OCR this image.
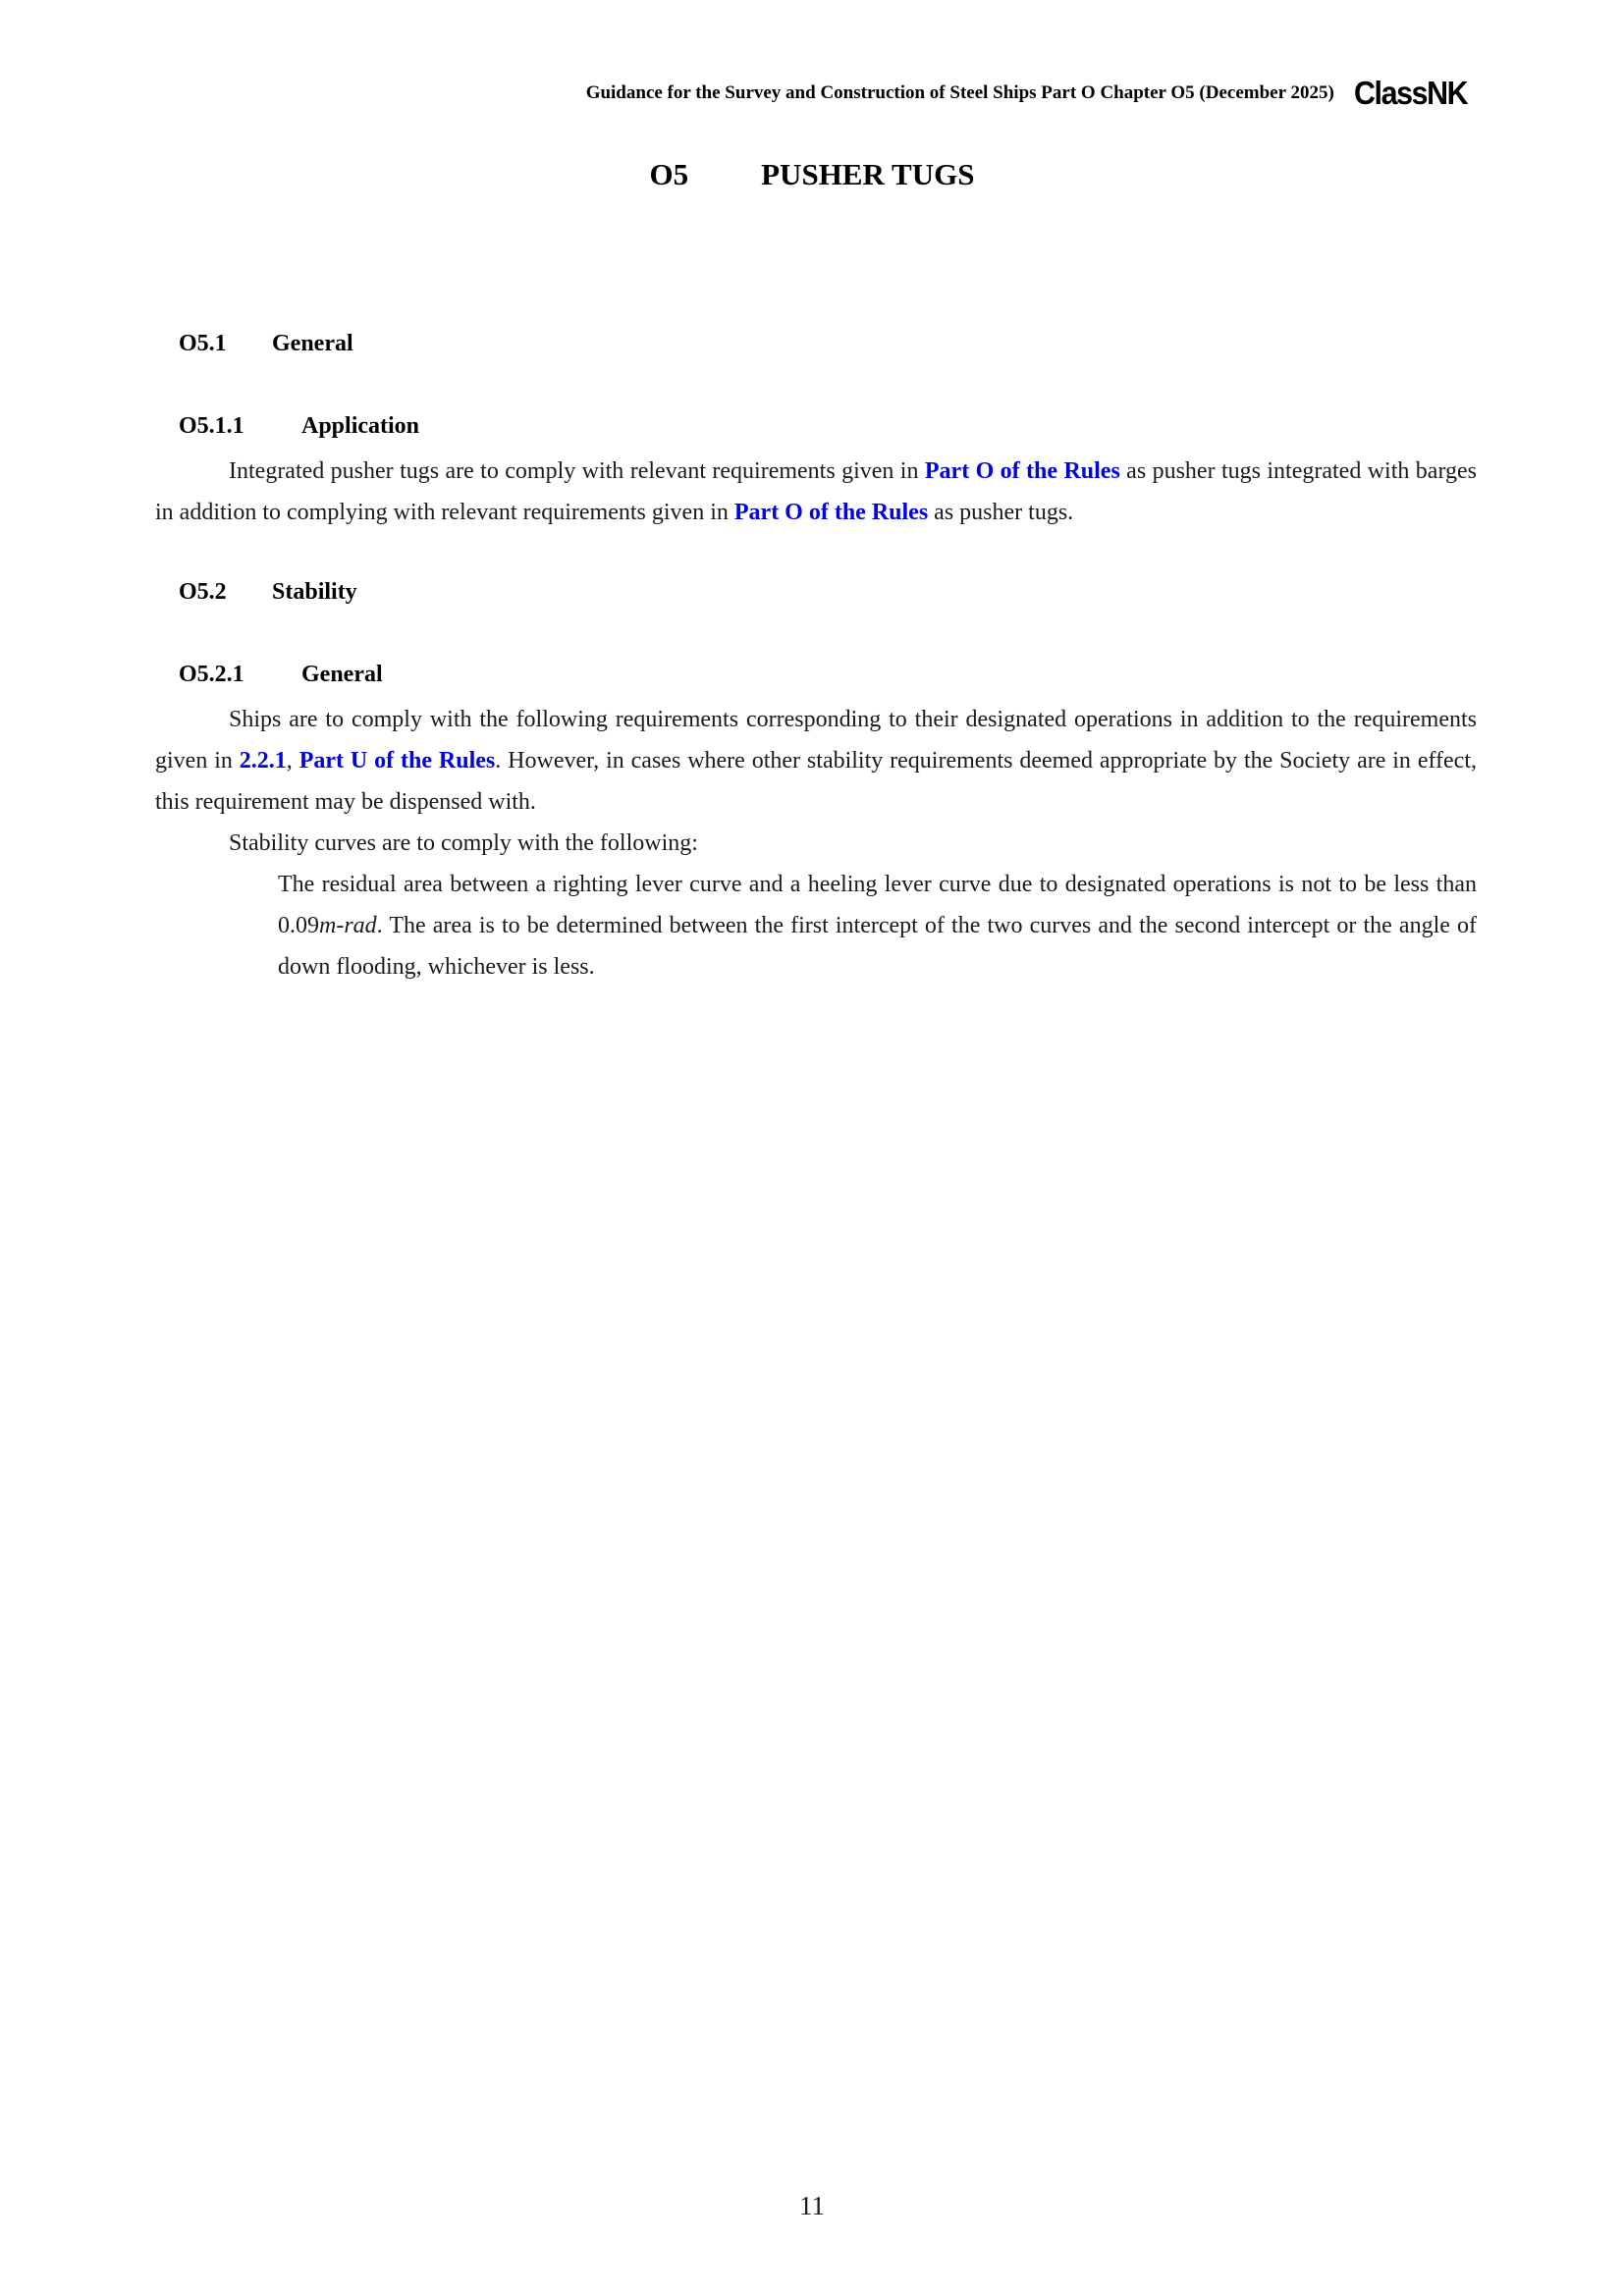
Guidance for the Survey and Construction of Steel Ships Part O Chapter O5 (December 2025) ClassNK
O5 PUSHER TUGS
O5.1 General
O5.1.1 Application

Integrated pusher tugs are to comply with relevant requirements given in Part O of the Rules as pusher tugs integrated with barges in addition to complying with relevant requirements given in Part O of the Rules as pusher tugs.

O5.2 Stability
O5.2.1 General

Ships are to comply with the following requirements corresponding to their designated operations in addition to the requirements given in 2.2.1, Part U of the Rules. However, in cases where other stability requirements deemed appropriate by the Society are in effect, this requirement may be dispensed with.

Stability curves are to comply with the following:

The residual area between a righting lever curve and a heeling lever curve due to designated operations is not to be less than 0.09m-rad. The area is to be determined between the first intercept of the two curves and the second intercept or the angle of down flooding, whichever is less.

11
